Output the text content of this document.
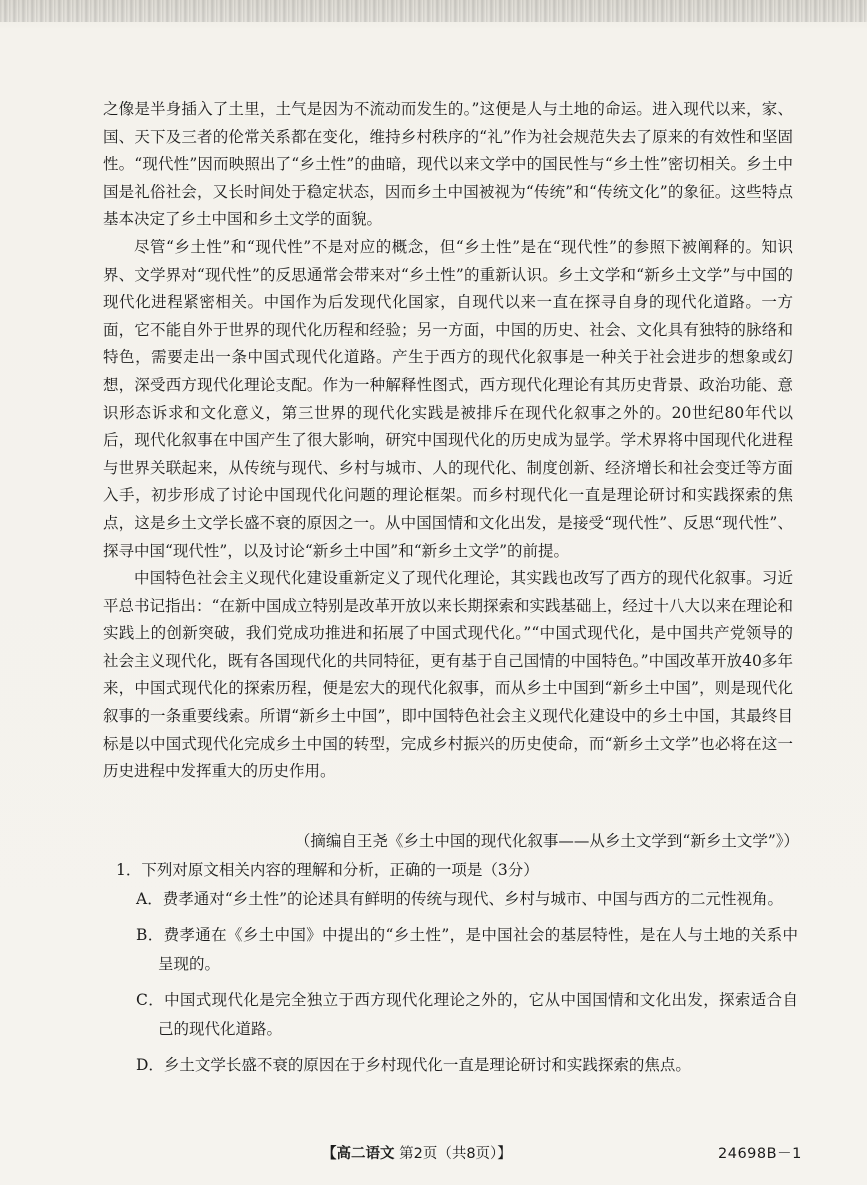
之像是半身插入了土里，土气是因为不流动而发生的。”这便是人与土地的命运。进入现代以来，家、国、天下及三者的伦常关系都在变化，维持乡村秩序的“礼”作为社会规范失去了原来的有效性和坚固性。“现代性”因而映照出了“乡土性”的曲暗，现代以来文学中的国民性与“乡土性”密切相关。乡土中国是礼俗社会，又长时间处于稳定状态，因而乡土中国被视为“传统”和“传统文化”的象征。这些特点基本决定了乡土中国和乡土文学的面貌。

尽管“乡土性”和“现代性”不是对应的概念，但“乡土性”是在“现代性”的参照下被阐释的。知识界、文学界对“现代性”的反思通常会带来对“乡土性”的重新认识。乡土文学和“新乡土文学”与中国的现代化进程紧密相关。中国作为后发现代化国家，自现代以来一直在探寻自身的现代化道路。一方面，它不能自外于世界的现代化历程和经验；另一方面，中国的历史、社会、文化具有独特的脉络和特色，需要走出一条中国式现代化道路。产生于西方的现代化叙事是一种关于社会进步的想象或幻想，深受西方现代化理论支配。作为一种解释性图式，西方现代化理论有其历史背景、政治功能、意识形态诉求和文化意义，第三世界的现代化实践是被排斥在现代化叙事之外的。20世纪80年代以后，现代化叙事在中国产生了很大影响，研究中国现代化的历史成为显学。学术界将中国现代化进程与世界关联起来，从传统与现代、乡村与城市、人的现代化、制度创新、经济增长和社会变迁等方面入手，初步形成了讨论中国现代化问题的理论框架。而乡村现代化一直是理论研讨和实践探索的焦点，这是乡土文学长盛不衰的原因之一。从中国国情和文化出发，是接受“现代性”、反思“现代性”、探寻中国“现代性”，以及讨论“新乡土中国”和“新乡土文学”的前提。

中国特色社会主义现代化建设重新定义了现代化理论，其实践也改写了西方的现代化叙事。习近平总书记指出：“在新中国成立特别是改革开放以来长期探索和实践基础上，经过十八大以来在理论和实践上的创新突破，我们党成功推进和拓展了中国式现代化。”“中国式现代化，是中国共产党领导的社会主义现代化，既有各国现代化的共同特征，更有基于自己国情的中国特色。”中国改革开放40多年来，中国式现代化的探索历程，便是宏大的现代化叙事，而从乡土中国到“新乡土中国”，则是现代化叙事的一条重要线索。所谓“新乡土中国”，即中国特色社会主义现代化建设中的乡土中国，其最终目标是以中国式现代化完成乡土中国的转型，完成乡村振兴的历史使命，而“新乡土文学”也必将在这一历史进程中发挥重大的历史作用。

（摘编自王尧《乡土中国的现代化叙事——从乡土文学到“新乡土文学”》）

1．下列对原文相关内容的理解和分析，正确的一项是（3分）

A．费孝通对“乡土性”的论述具有鲜明的传统与现代、乡村与城市、中国与西方的二元性视角。

B．费孝通在《乡土中国》中提出的“乡土性”，是中国社会的基层特性，是在人与土地的关系中呈现的。

C．中国式现代化是完全独立于西方现代化理论之外的，它从中国国情和文化出发，探索适合自己的现代化道路。

D．乡土文学长盛不衰的原因在于乡村现代化一直是理论研讨和实践探索的焦点。

【高二语文 第2页（共8页）】	24698B－1
